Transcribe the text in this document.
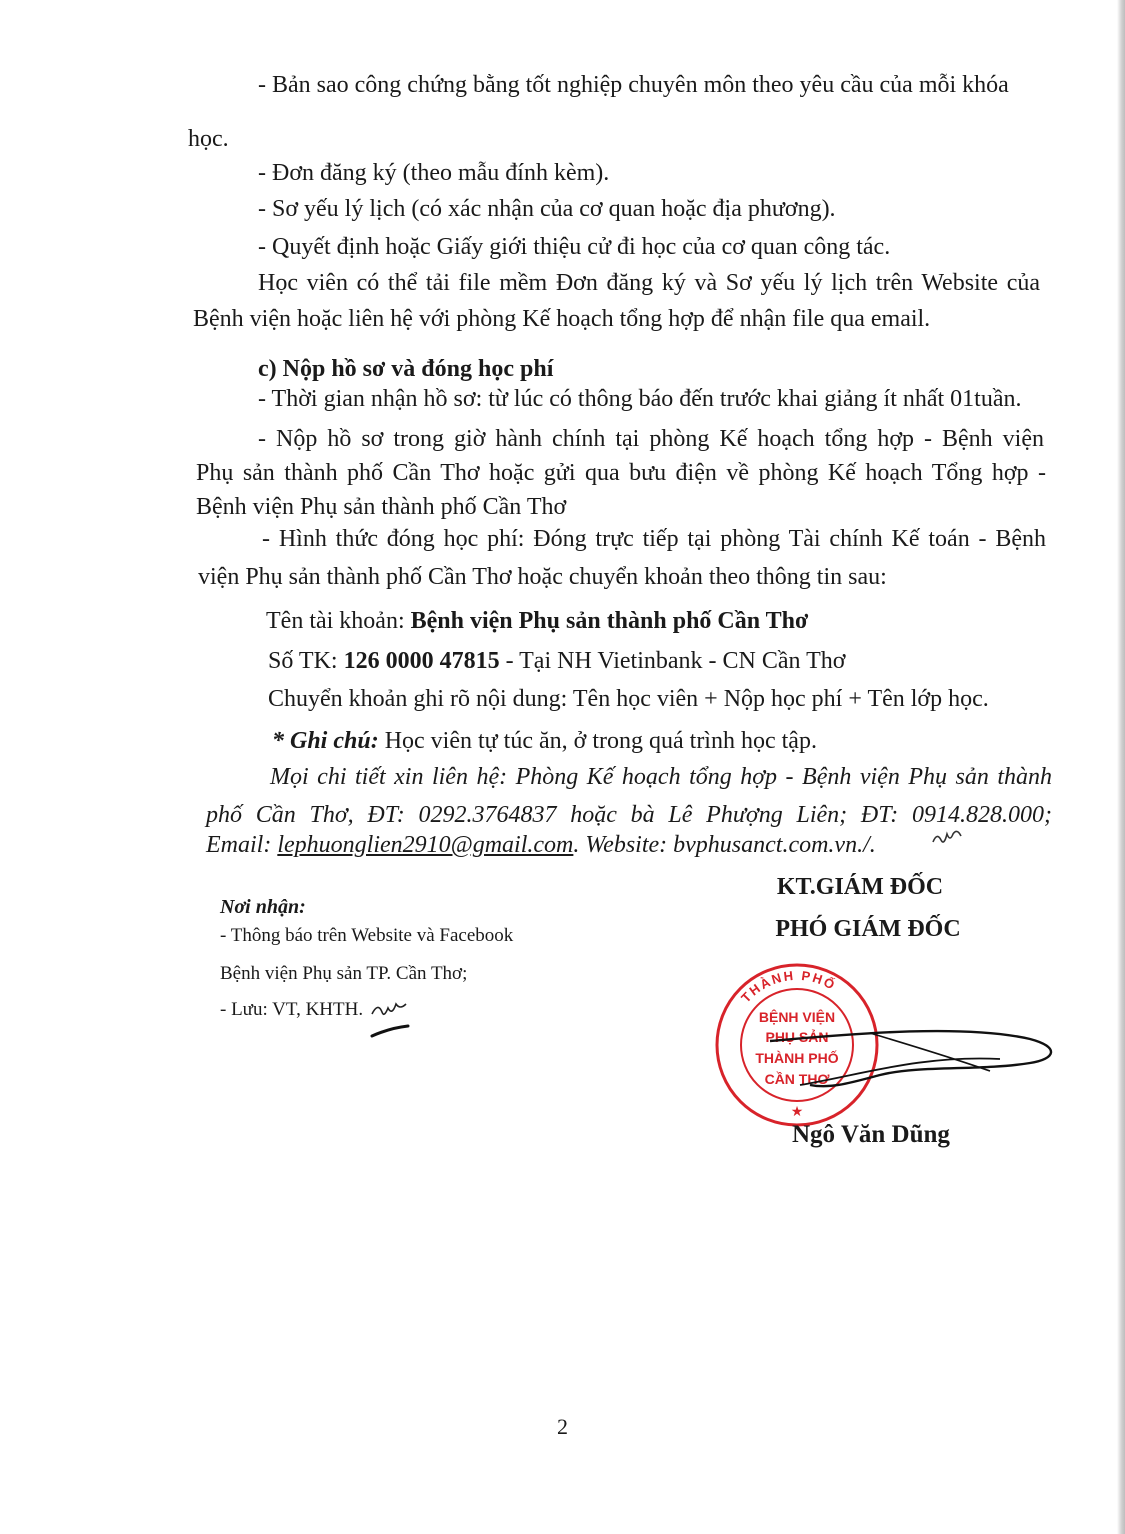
- Bản sao công chứng bằng tốt nghiệp chuyên môn theo yêu cầu của mỗi khóa
học.
- Đơn đăng ký (theo mẫu đính kèm).
- Sơ yếu lý lịch (có xác nhận của cơ quan hoặc địa phương).
- Quyết định hoặc Giấy giới thiệu cử đi học của cơ quan công tác.
Học viên có thể tải file mềm Đơn đăng ký và Sơ yếu lý lịch trên Website của
Bệnh viện hoặc liên hệ với phòng Kế hoạch tổng hợp để nhận file qua email.
c) Nộp hồ sơ và đóng học phí
- Thời gian nhận hồ sơ: từ lúc có thông báo đến trước khai giảng ít nhất 01tuần.
- Nộp hồ sơ trong giờ hành chính tại phòng Kế hoạch tổng hợp - Bệnh viện
Phụ sản thành phố Cần Thơ hoặc gửi qua bưu điện về phòng Kế hoạch Tổng hợp -
Bệnh viện Phụ sản thành phố Cần Thơ
- Hình thức đóng học phí: Đóng trực tiếp tại phòng Tài chính Kế toán - Bệnh
viện Phụ sản thành phố Cần Thơ hoặc chuyển khoản theo thông tin sau:
Tên tài khoản: Bệnh viện Phụ sản thành phố Cần Thơ
Số TK: 126 0000 47815 - Tại NH Vietinbank - CN Cần Thơ
Chuyển khoản ghi rõ nội dung: Tên học viên + Nộp học phí + Tên lớp học.
* Ghi chú: Học viên tự túc ăn, ở trong quá trình học tập.
Mọi chi tiết xin liên hệ: Phòng Kế hoạch tổng hợp - Bệnh viện Phụ sản thành
phố Cần Thơ, ĐT: 0292.3764837 hoặc bà Lê Phượng Liên; ĐT: 0914.828.000;
Email: lephuonglien2910@gmail.com. Website: bvphusanct.com.vn./.
Nơi nhận:
- Thông báo trên Website và Facebook
Bệnh viện Phụ sản TP. Cần Thơ;
- Lưu: VT, KHTH.
KT.GIÁM ĐỐC
PHÓ GIÁM ĐỐC
THÀNH PHỐ
BỆNH VIỆN
PHỤ SẢN
THÀNH PHỐ
CẦN THƠ
★
Ngô Văn Dũng
2
